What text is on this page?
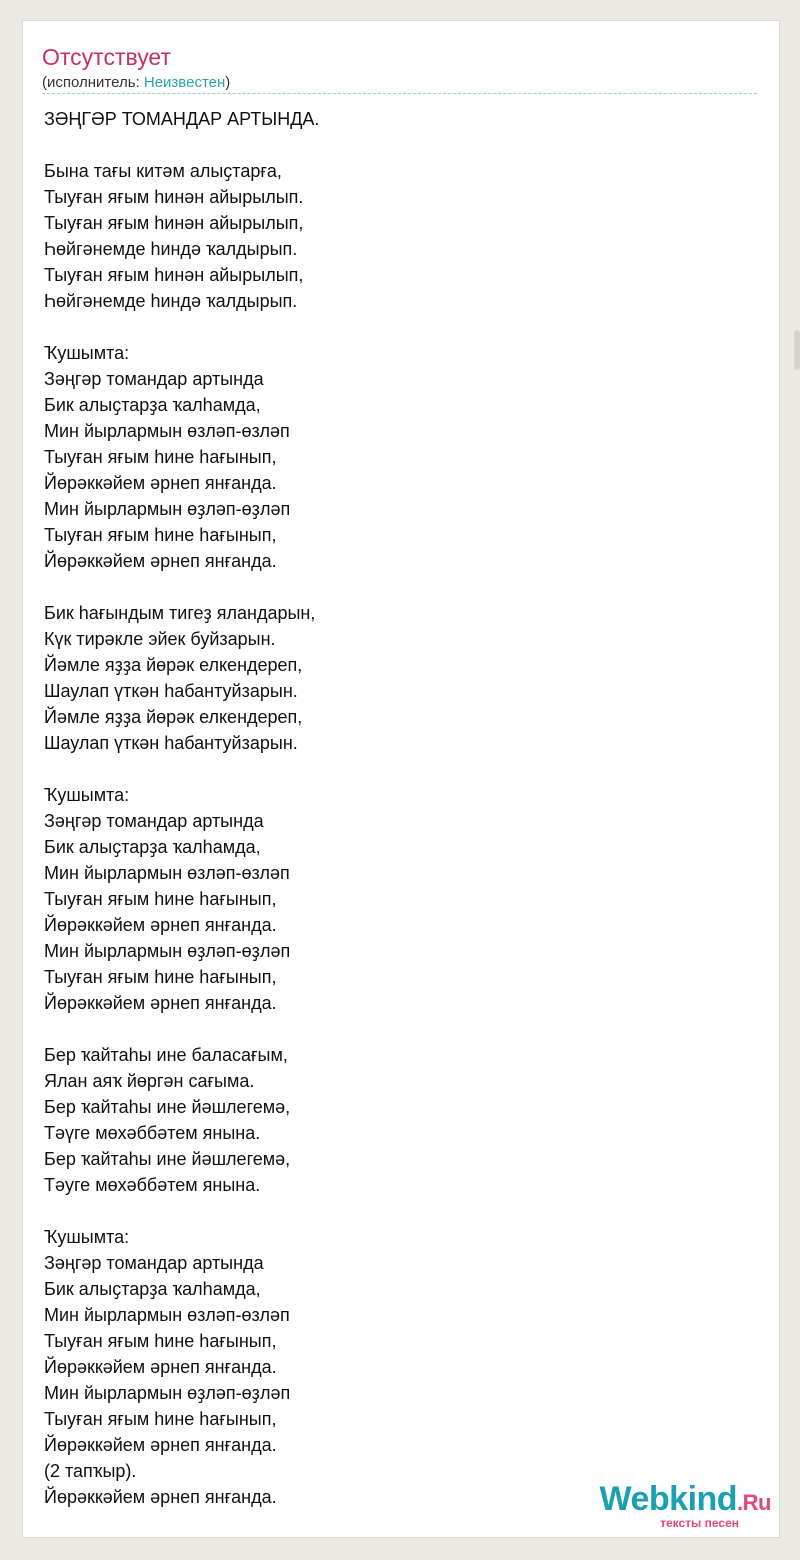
Отсутствует
(исполнитель: Неизвестен)
ЗӘҢГӘР ТОМАНДАР АРТЫНДА.
Бына тағы китәм алыҫтарға,
Тыуған яғым һинән айырылып.
Тыуған яғым һинән айырылып,
Һөйгәнемде һиндә ҡалдырып.
Тыуған яғым һинән айырылып,
Һөйгәнемде һиндә ҡалдырып.
Ҡушымта:
Зәңгәр томандар артында
Бик алыҫтарҙа ҡалһамда,
Мин йырлармын өзләп-өзләп
Тыуған яғым һине һағынып,
Йөрәккәйем әрнеп янғанда.
Мин йырлармын өҙләп-өҙләп
Тыуған яғым һине һағынып,
Йөрәккәйем әрнеп янғанда.
Бик һағындым тигеҙ яландарын,
Күк тирәкле эйек буйзарын.
Йәмле яҙҙа йөрәк елкендереп,
Шаулап үткән һабантуйзарын.
Йәмле яҙҙа йөрәк елкендереп,
Шаулап үткән һабантуйзарын.
Ҡушымта:
Зәңгәр томандар артында
Бик алыҫтарҙа ҡалһамда,
Мин йырлармын өзләп-өзләп
Тыуған яғым һине һағынып,
Йөрәккәйем әрнеп янғанда.
Мин йырлармын өҙләп-өҙләп
Тыуған яғым һине һағынып,
Йөрәккәйем әрнеп янғанда.
Бер ҡайтаһы ине баласағым,
Ялан аяҡ йөргән сағыма.
Бер ҡайтаһы ине йәшлегемә,
Тәүге мөхәббәтем янына.
Бер ҡайтаһы ине йәшлегемә,
Тәуге мөхәббәтем янына.
Ҡушымта:
Зәңгәр томандар артында
Бик алыҫтарҙа ҡалһамда,
Мин йырлармын өзләп-өзләп
Тыуған яғым һине һағынып,
Йөрәккәйем әрнеп янғанда.
Мин йырлармын өҙләп-өҙләп
Тыуған яғым һине һағынып,
Йөрәккәйем әрнеп янғанда.
(2 тапҡыр).
Йөрәккәйем әрнеп янғанда.	Webkind.Ru
тексты песен
